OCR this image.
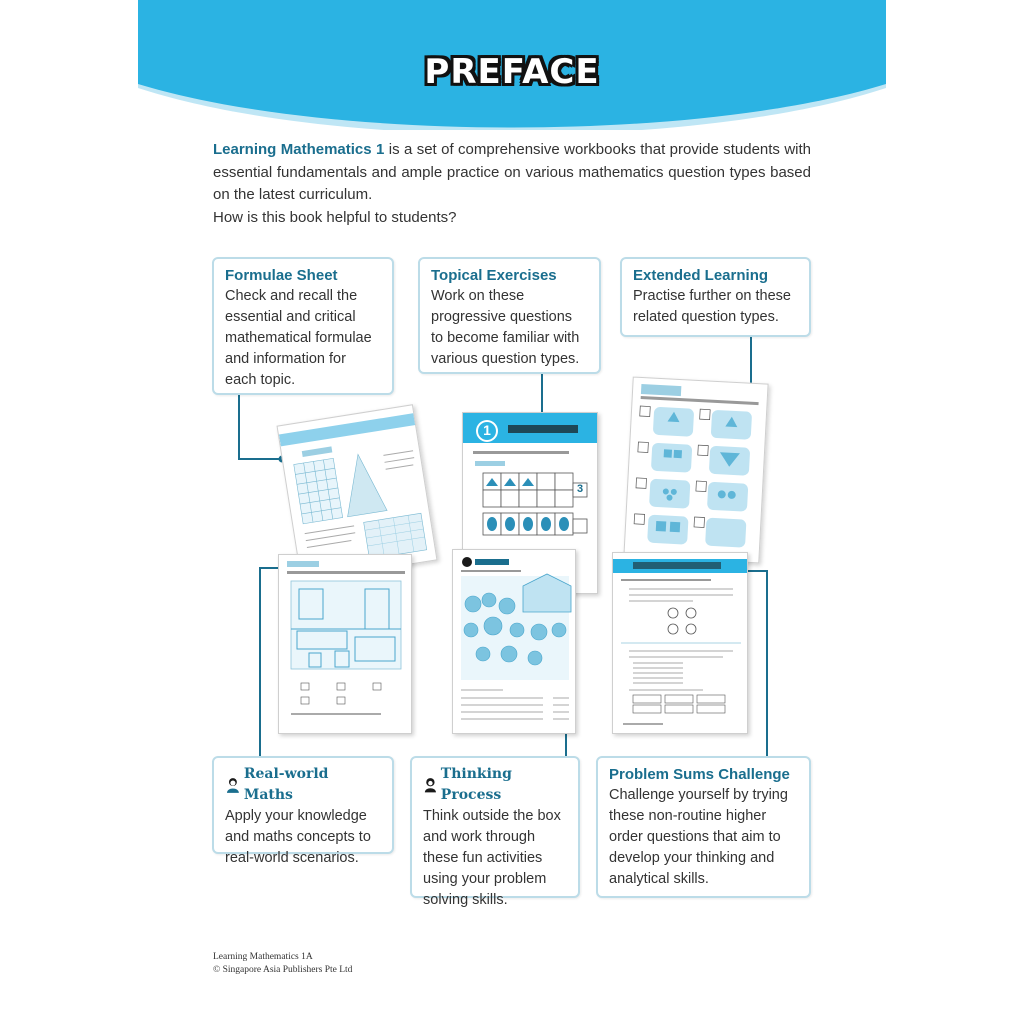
PREFACE

Learning Mathematics 1 is a set of comprehensive workbooks that provide students with essential fundamentals and ample practice on various mathematics question types based on the latest curriculum.

How is this book helpful to students?

1
3
Formulae Sheet
Check and recall the essential and critical mathematical formulae and information for each topic.
Topical Exercises
Work on these progressive questions to become familiar with various question types.
Extended Learning
Practise further on these related question types.
Real-world Maths
Apply your knowledge and maths concepts to real-world scenarios.
Thinking Process
Think outside the box and work through these fun activities using your problem solving skills.
Problem Sums Challenge
Challenge yourself by trying these non-routine higher order questions that aim to develop your thinking and analytical skills.
Learning Mathematics 1A
© Singapore Asia Publishers Pte Ltd
